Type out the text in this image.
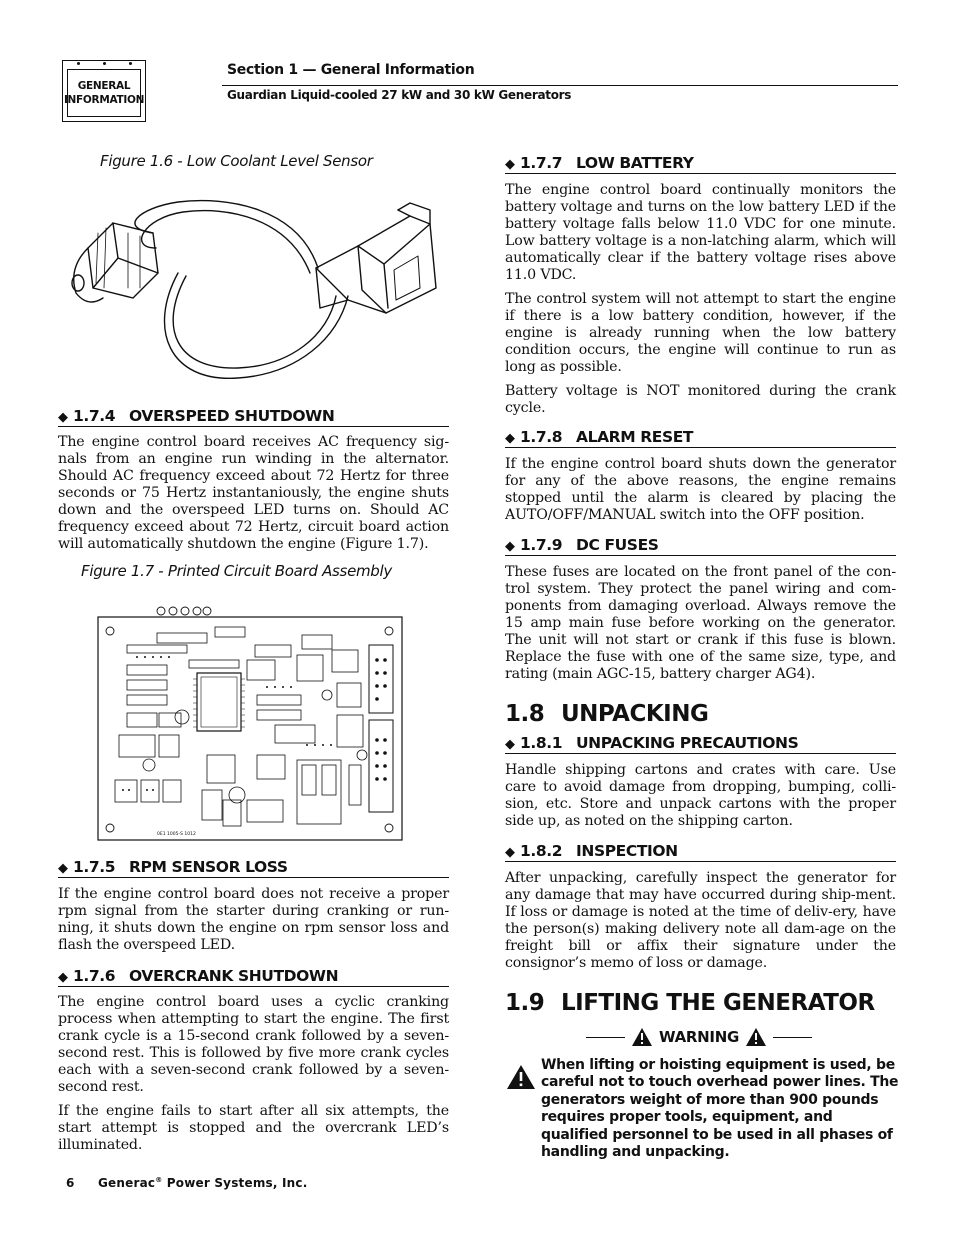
GENERAL
INFORMATION
Section 1 — General Information
Guardian Liquid-cooled 27 kW and 30 kW Generators
Figure 1.6 - Low Coolant Level Sensor
◆ 1.7.4 OVERSPEED SHUTDOWN

The engine control board receives AC frequency sig-nals from an engine run winding in the alternator. Should AC frequency exceed about 72 Hertz for three seconds or 75 Hertz instantaniously, the engine shuts down and the overspeed LED turns on. Should AC frequency exceed about 72 Hertz, circuit board action will automatically shutdown the engine (Figure 1.7).

Figure 1.7 - Printed Circuit Board Assembly
0E1 1005-S 1012
◆ 1.7.5 RPM SENSOR LOSS

If the engine control board does not receive a proper rpm signal from the starter during cranking or run-ning, it shuts down the engine on rpm sensor loss and flash the overspeed LED.

◆ 1.7.6 OVERCRANK SHUTDOWN

The engine control board uses a cyclic cranking process when attempting to start the engine. The first crank cycle is a 15-second crank followed by a seven-second rest. This is followed by five more crank cycles each with a seven-second crank followed by a seven-second rest.

If the engine fails to start after all six attempts, the start attempt is stopped and the overcrank LED’s illuminated.

◆ 1.7.7 LOW BATTERY

The engine control board continually monitors the battery voltage and turns on the low battery LED if the battery voltage falls below 11.0 VDC for one minute. Low battery voltage is a non-latching alarm, which will automatically clear if the battery voltage rises above 11.0 VDC.

The control system will not attempt to start the engine if there is a low battery condition, however, if the engine is already running when the low battery condition occurs, the engine will continue to run as long as possible.

Battery voltage is NOT monitored during the crank cycle.

◆ 1.7.8 ALARM RESET

If the engine control board shuts down the generator for any of the above reasons, the engine remains stopped until the alarm is cleared by placing the AUTO/OFF/MANUAL switch into the OFF position.

◆ 1.7.9 DC FUSES

These fuses are located on the front panel of the con-trol system. They protect the panel wiring and com-ponents from damaging overload. Always remove the 15 amp main fuse before working on the generator. The unit will not start or crank if this fuse is blown. Replace the fuse with one of the same size, type, and rating (main AGC-15, battery charger AG4).

1.8 UNPACKING
◆ 1.8.1 UNPACKING PRECAUTIONS

Handle shipping cartons and crates with care. Use care to avoid damage from dropping, bumping, colli-sion, etc. Store and unpack cartons with the proper side up, as noted on the shipping carton.

◆ 1.8.2 INSPECTION

After unpacking, carefully inspect the generator for any damage that may have occurred during ship-ment. If loss or damage is noted at the time of deliv-ery, have the person(s) making delivery note all dam-age on the freight bill or affix their signature under the consignor’s memo of loss or damage.

1.9 LIFTING THE GENERATOR
WARNING
When lifting or hoisting equipment is used, be careful not to touch overhead power lines. The generators weight of more than 900 pounds requires proper tools, equipment, and qualified personnel to be used in all phases of handling and unpacking.
6 Generac® Power Systems, Inc.
